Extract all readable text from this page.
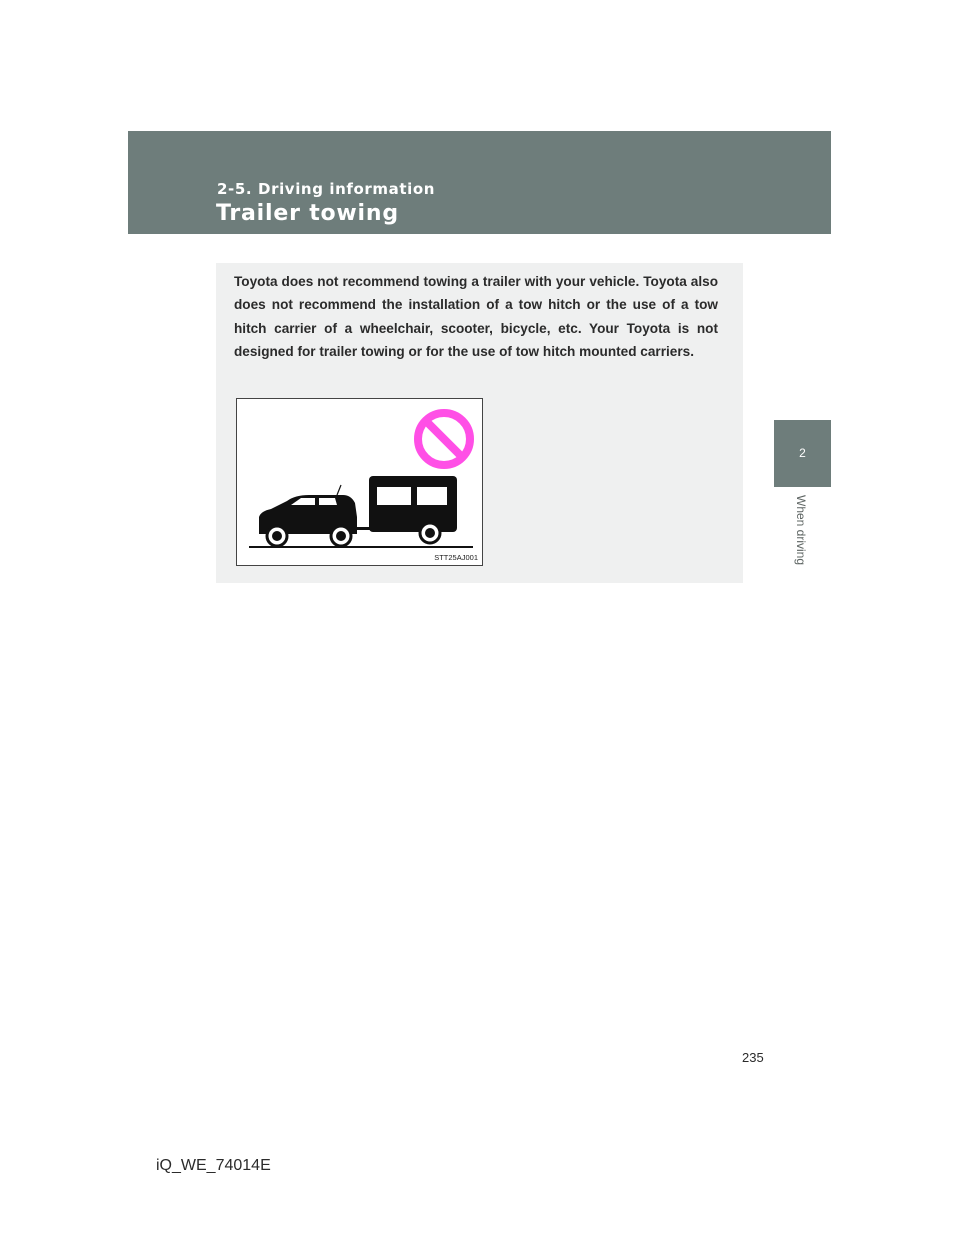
2-5. Driving information
Trailer towing
2
When driving
Toyota does not recommend towing a trailer with your vehicle. Toyota also does not recommend the installation of a tow hitch or the use of a tow hitch carrier of a wheelchair, scooter, bicycle, etc. Your Toyota is not designed for trailer towing or for the use of tow hitch mounted carriers.
STT25AJ001
235
iQ_WE_74014E
